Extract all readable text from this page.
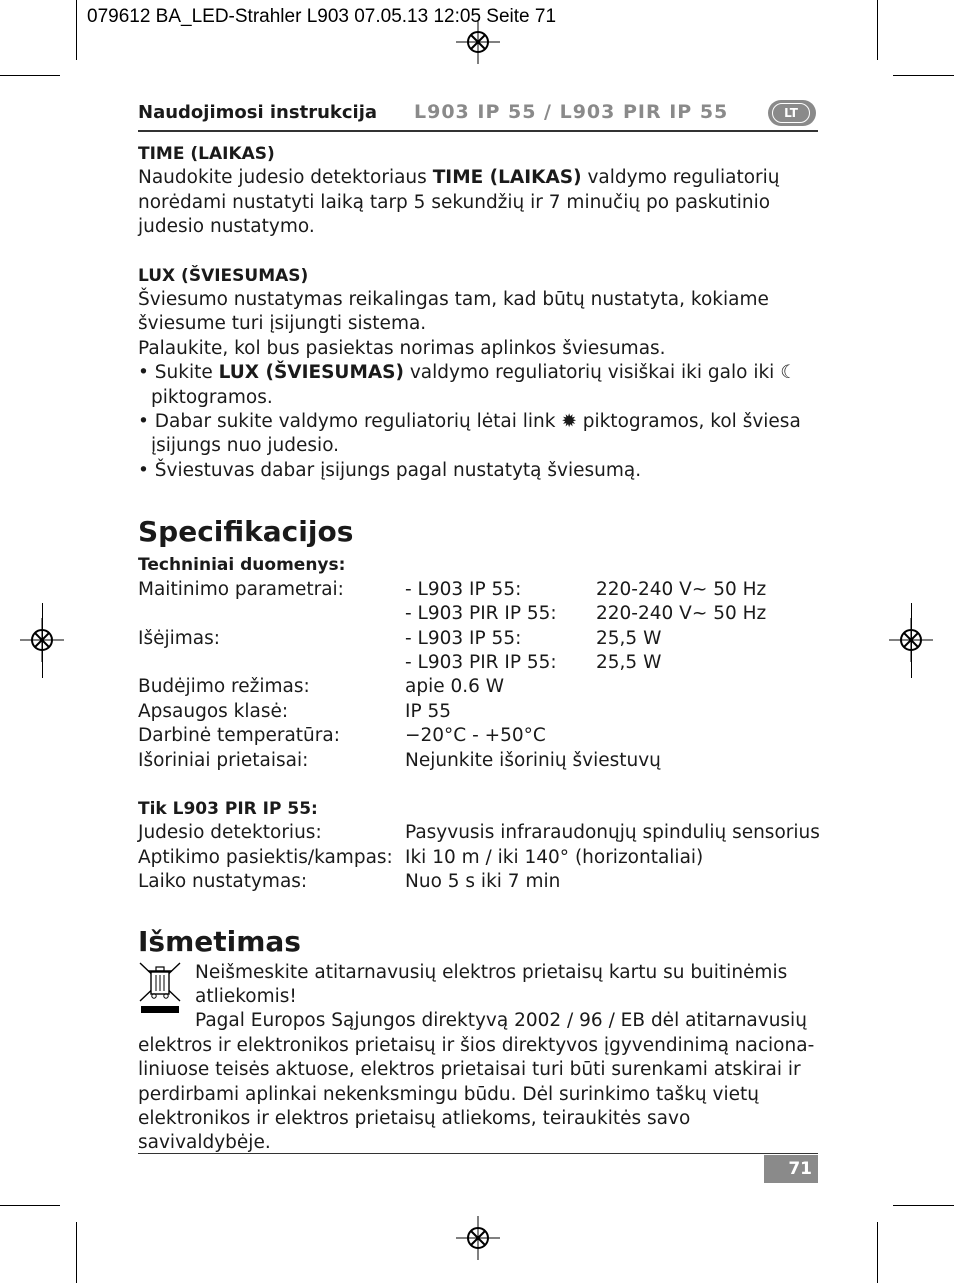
079612 BA_LED-Strahler L903 07.05.13 12:05 Seite 71
Naudojimosi instrukcija L903 IP 55 / L903 PIR IP 55	LT

TIME (LAIKAS)

Naudokite judesio detektoriaus TIME (LAIKAS) valdymo reguliatorių norėdami nustatyti laiką tarp 5 sekundžių ir 7 minučių po paskutinio judesio nustatymo.

LUX (ŠVIESUMAS)

Šviesumo nustatymas reikalingas tam, kad būtų nustatyta, kokiame šviesume turi įsijungti sistema.

Palaukite, kol bus pasiektas norimas aplinkos šviesumas.

• Sukite LUX (ŠVIESUMAS) valdymo reguliatorių visiškai iki galo iki ☾ piktogramos.

• Dabar sukite valdymo reguliatorių lėtai link ✹ piktogramos, kol šviesa įsijungs nuo judesio.

• Šviestuvas dabar įsijungs pagal nustatytą šviesumą.

Specifikacijos

Techniniai duomenys:

Maitinimo parametrai:	- L903 IP 55:	220-240 V~ 50 Hz
- L903 PIR IP 55:	220-240 V~ 50 Hz
Išėjimas:	- L903 IP 55:	25,5 W
- L903 PIR IP 55:	25,5 W
Budėjimo režimas:	apie 0.6 W
Apsaugos klasė:	IP 55
Darbinė temperatūra:	−20°C - +50°C
Išoriniai prietaisai:	Nejunkite išorinių šviestuvų

Tik L903 PIR IP 55:

Judesio detektorius:	Pasyvusis infraraudonųjų spindulių sensorius
Aptikimo pasiektis/kampas: Iki 10 m / iki 140° (horizontaliai)
Laiko nustatymas:	Nuo 5 s iki 7 min

Išmetimas

Neišmeskite atitarnavusių elektros prietaisų kartu su buitinėmis atliekomis!

Pagal Europos Sąjungos direktyvą 2002 / 96 / EB dėl atitarnavusių elektros ir elektronikos prietaisų ir šios direktyvos įgyvendinimą nacionaliniuose teisės aktuose, elektros prietaisai turi būti surenkami atskirai ir perdirbami aplinkai nekenksmingu būdu. Dėl surinkimo taškų vietų elektronikos ir elektros prietaisų atliekoms, teiraukitės savo savivaldybėje.

71
